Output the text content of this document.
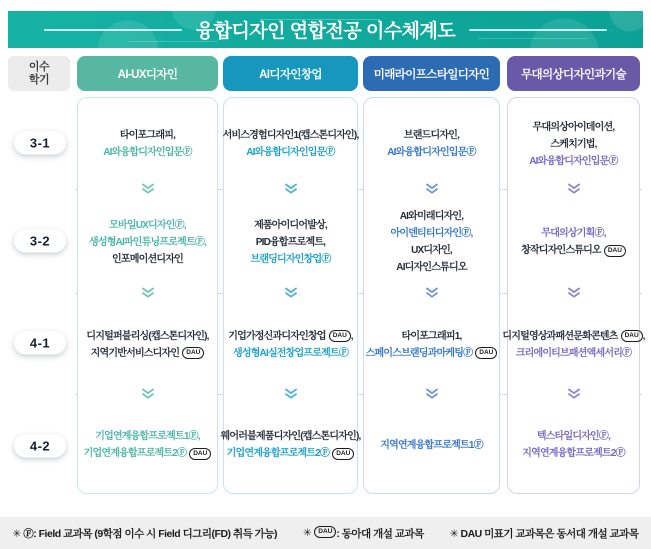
융합디자인 연합전공 이수체계도
이수
학기
✳ Ⓕ: Field 교과목 (9학점 이수 시 Field 디그리(FD) 취득 가능) ✳	DAU : 동아대 개설 교과목 ✳ DAU 미표기 교과목은 동서대 개설 교과목
AI-UX디자인
타이포그래피,
AI와융합디자인입문Ⓕ
모바일UX디자인Ⓕ,
생성형AI파인튜닝프로젝트Ⓕ,
인포메이션디자인
디지털퍼블리싱(캡스톤디자인),
지역기반서비스디자인 DAU
기업연계융합프로젝트1Ⓕ,
기업연계융합프로젝트2Ⓕ DAU
AI디자인창업
서비스경험디자인1(캡스톤디자인),
AI와융합디자인입문Ⓕ
제품아이디어발상,
PID융합프로젝트,
브랜딩디자인창업Ⓕ
기업가정신과디자인창업 DAU ,
생성형AI실전창업프로젝트Ⓕ
웨어러블제품디자인(캡스톤디자인),
기업연계융합프로젝트2Ⓕ DAU
미래라이프스타일디자인
브랜드디자인,
AI와융합디자인입문Ⓕ
AI와미래디자인,
아이덴티티디자인Ⓕ,
UX디자인,
AI디자인스튜디오
타이포그래피1,
스페이스브랜딩과마케팅Ⓕ DAU
지역연계융합프로젝트1Ⓕ
무대의상디자인과기술
무대의상아이데이션,
스케치기법,
AI와융합디자인입문Ⓕ
무대의상기획Ⓕ,
창작디자인스튜디오 DAU
디지털영상과패션문화콘텐츠 DAU ,
크리에이티브패션액세서리Ⓕ
텍스타일디자인Ⓕ,
지역연계융합프로젝트2Ⓕ
3-1
3-2
4-1
4-2
